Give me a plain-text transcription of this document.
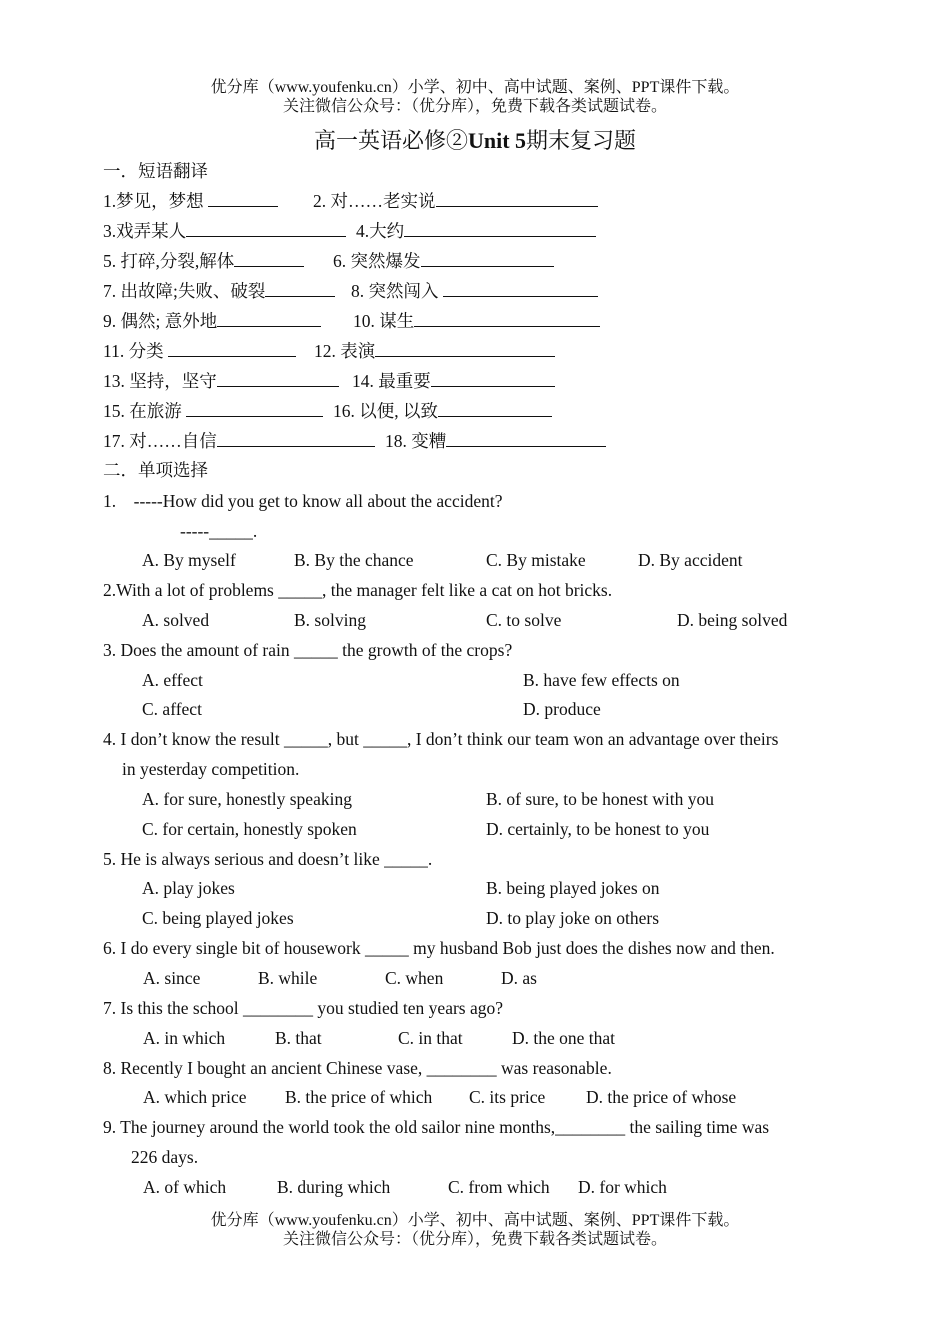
优分库（www.youfenku.cn）小学、初中、高中试题、案例、PPT课件下载。
关注微信公众号：（优分库），免费下载各类试题试卷。
高一英语必修②Unit 5期末复习题
一．短语翻译
1.梦见，梦想	2. 对……老实说
3.戏弄某人	4.大约
5. 打碎,分裂,解体	6. 突然爆发
7. 出故障;失败、破裂	8. 突然闯入
9. 偶然; 意外地	10. 谋生
11. 分类	12. 表演
13. 坚持，坚守	14. 最重要
15. 在旅游	16. 以便, 以致
17. 对……自信	18. 变糟
二．单项选择
1.    -----How did you get to know all about the accident?
-----_____.
A. By myself	B. By the chance	C. By mistake	D. By accident
2.With a lot of problems _____, the manager felt like a cat on hot bricks.
A. solved	B. solving	C. to solve	D. being solved
3. Does the amount of rain _____ the growth of the crops?
A. effect	B. have few effects on
C. affect	D. produce
4. I don’t know the result _____, but _____, I don’t think our team won an advantage over theirs
in yesterday competition.
A. for sure, honestly speaking	B. of sure, to be honest with you
C. for certain, honestly spoken	D. certainly, to be honest to you
5. He is always serious and doesn’t like _____.
A. play jokes	B. being played jokes on
C. being played jokes	D. to play joke on others
6. I do every single bit of housework _____ my husband Bob just does the dishes now and then.
A. since	B. while	C. when	D. as
7. Is this the school ________ you studied ten years ago?
A. in which	B. that	C. in that	D. the one that
8. Recently I bought an ancient Chinese vase, ________ was reasonable.
A. which price B. the price of which C. its price D. the price of whose
9. The journey around the world took the old sailor nine months,________ the sailing time was
226 days.
A. of which	B. during which	C. from which D. for which
优分库（www.youfenku.cn）小学、初中、高中试题、案例、PPT课件下载。
关注微信公众号：（优分库），免费下载各类试题试卷。
